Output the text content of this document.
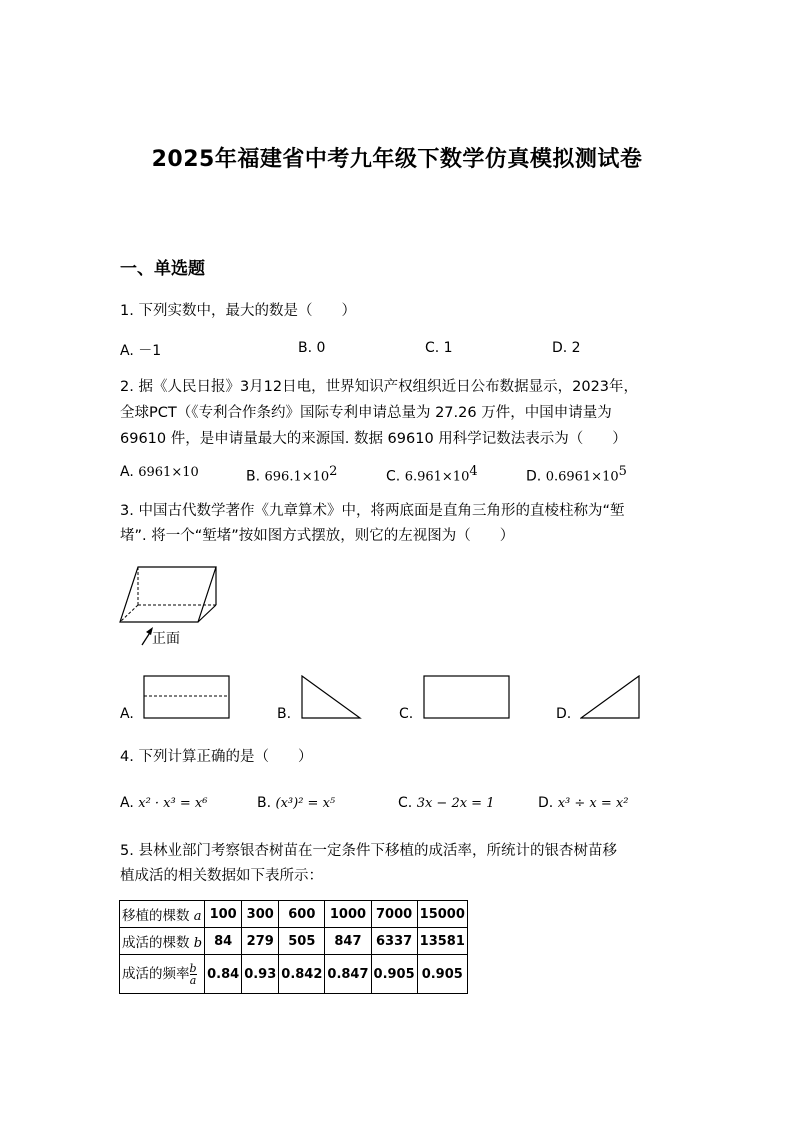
2025年福建省中考九年级下数学仿真模拟测试卷
一、单选题
1. 下列实数中，最大的数是（　　）
A. －1	B. 0	C. 1	D. 2
2. 据《人民日报》3月12日电，世界知识产权组织近日公布数据显示，2023年，
全球PCT（《专利合作条约》国际专利申请总量为 27.26 万件，中国申请量为
69610 件，是申请量最大的来源国. 数据 69610 用科学记数法表示为（　　）
A. 6961×10	B. $696.1\times 10^2$	C. $6.961\times 10^4$	D. $0.6961\times 10^5$
3. 中国古代数学著作《九章算术》中，将两底面是直角三角形的直棱柱称为“堑
堵”. 将一个“堑堵”按如图方式摆放，则它的左视图为（　　）
正面
A.	B.	C.	D.
4. 下列计算正确的是（　　）
A. x² · x³ = x⁶	B. (x³)² = x⁵	C. 3x − 2x = 1	D. x³ ÷ x = x²
5. 县林业部门考察银杏树苗在一定条件下移植的成活率，所统计的银杏树苗移
植成活的相关数据如下表所示：
移植的棵数 a	100	300	600	1000	7000	15000
成活的棵数 b	84	279	505	847	6337	13581
成活的频率 $\frac{b}{a}$	0.84	0.93	0.842	0.847	0.905	0.905
